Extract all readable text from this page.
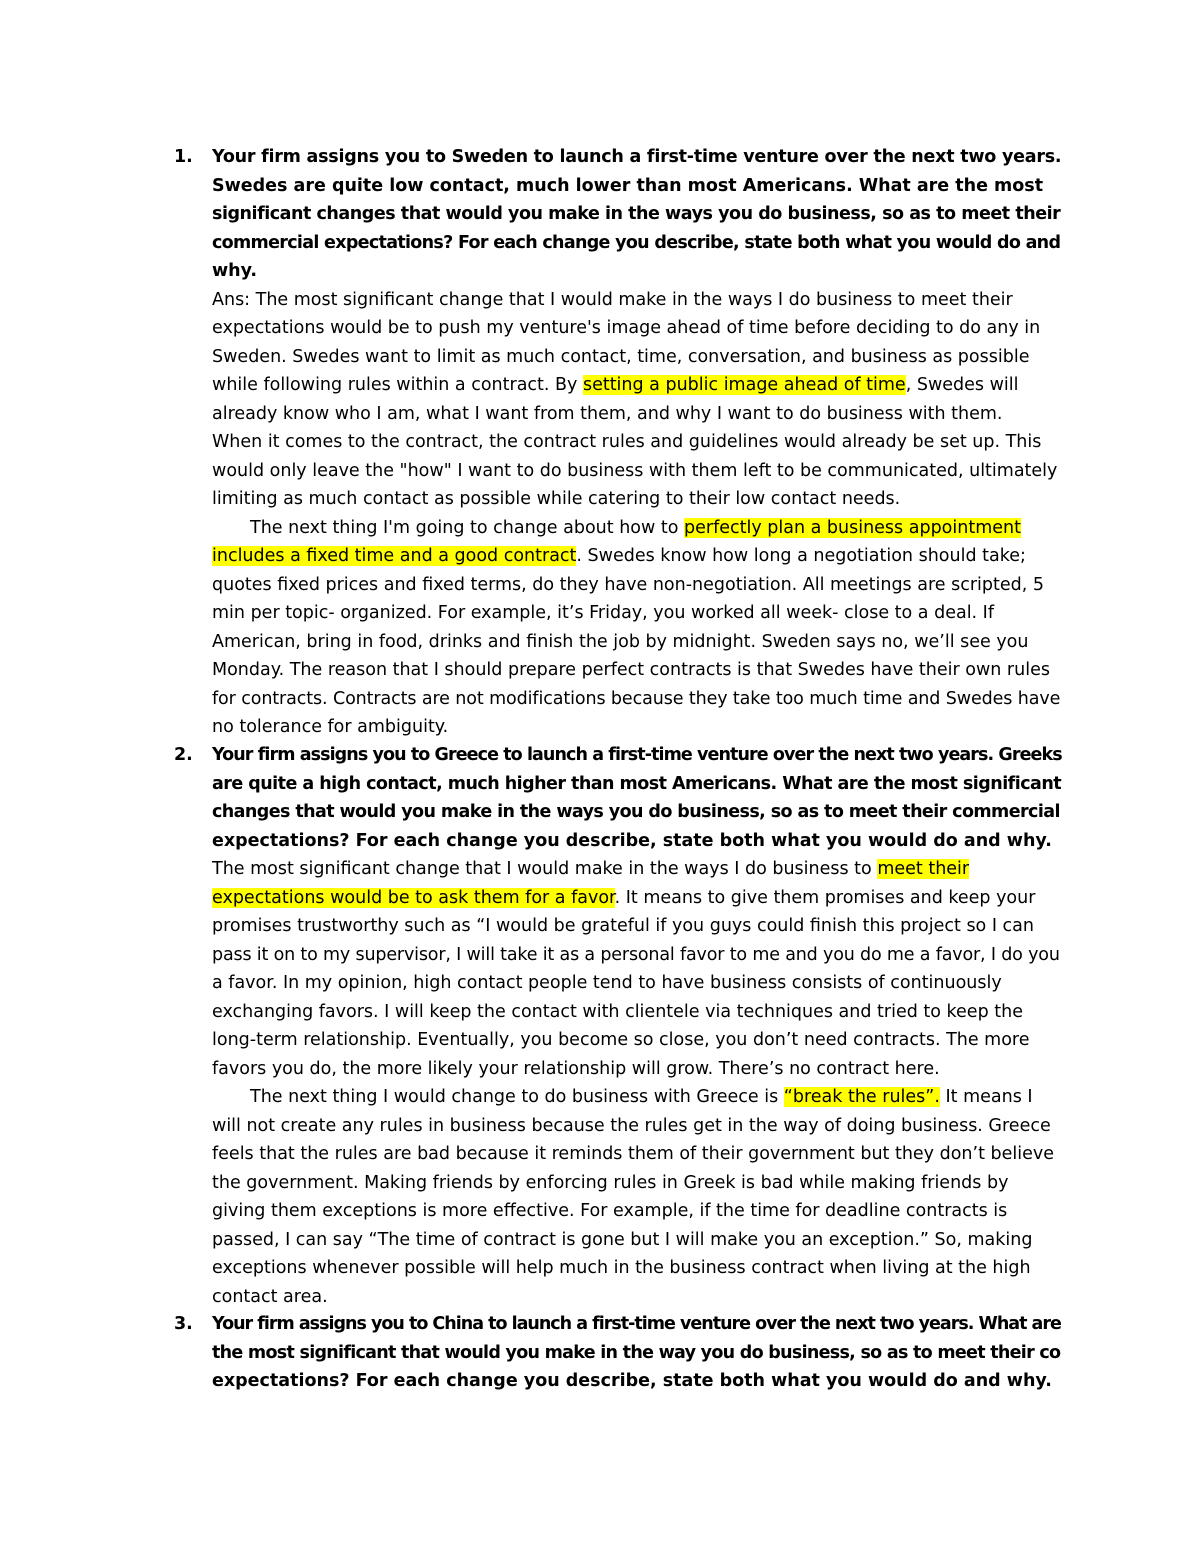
1.	Your firm assigns you to Sweden to launch a first-time venture over the next two years.
Swedes are quite low contact, much lower than most Americans. What are the most
significant changes that would you make in the ways you do business, so as to meet their
commercial expectations? For each change you describe, state both what you would do and
why.
Ans: The most significant change that I would make in the ways I do business to meet their
expectations would be to push my venture's image ahead of time before deciding to do any in
Sweden. Swedes want to limit as much contact, time, conversation, and business as possible
while following rules within a contract. By setting a public image ahead of time, Swedes will
already know who I am, what I want from them, and why I want to do business with them.
When it comes to the contract, the contract rules and guidelines would already be set up. This
would only leave the "how" I want to do business with them left to be communicated, ultimately
limiting as much contact as possible while catering to their low contact needs.
The next thing I'm going to change about how to perfectly plan a business appointment
includes a fixed time and a good contract. Swedes know how long a negotiation should take;
quotes fixed prices and fixed terms, do they have non-negotiation. All meetings are scripted, 5
min per topic- organized. For example, it’s Friday, you worked all week- close to a deal. If
American, bring in food, drinks and finish the job by midnight. Sweden says no, we’ll see you
Monday. The reason that I should prepare perfect contracts is that Swedes have their own rules
for contracts. Contracts are not modifications because they take too much time and Swedes have
no tolerance for ambiguity.
2.	Your firm assigns you to Greece to launch a first-time venture over the next two years. Greeks
are quite a high contact, much higher than most Americans. What are the most significant
changes that would you make in the ways you do business, so as to meet their commercial
expectations? For each change you describe, state both what you would do and why.
The most significant change that I would make in the ways I do business to meet their
expectations would be to ask them for a favor. It means to give them promises and keep your
promises trustworthy such as “I would be grateful if you guys could finish this project so I can
pass it on to my supervisor, I will take it as a personal favor to me and you do me a favor, I do you
a favor. In my opinion, high contact people tend to have business consists of continuously
exchanging favors. I will keep the contact with clientele via techniques and tried to keep the
long-term relationship. Eventually, you become so close, you don’t need contracts. The more
favors you do, the more likely your relationship will grow. There’s no contract here.
The next thing I would change to do business with Greece is “break the rules”. It means I
will not create any rules in business because the rules get in the way of doing business. Greece
feels that the rules are bad because it reminds them of their government but they don’t believe
the government. Making friends by enforcing rules in Greek is bad while making friends by
giving them exceptions is more effective. For example, if the time for deadline contracts is
passed, I can say “The time of contract is gone but I will make you an exception.” So, making
exceptions whenever possible will help much in the business contract when living at the high
contact area.
3.	Your firm assigns you to China to launch a first-time venture over the next two years. What are
the most significant that would you make in the way you do business, so as to meet their co
expectations? For each change you describe, state both what you would do and why.
